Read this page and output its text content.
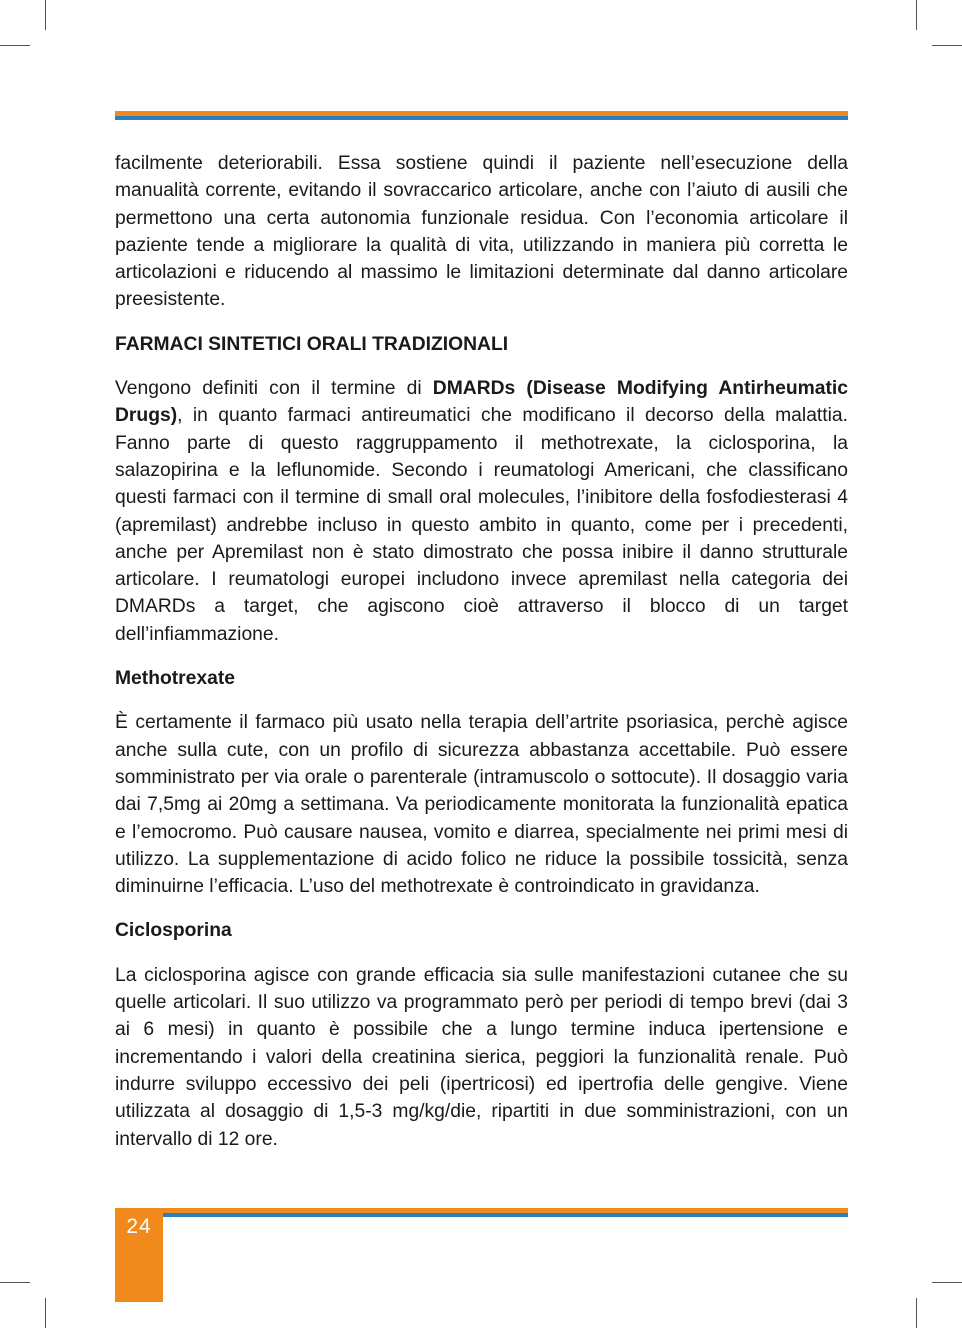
facilmente deteriorabili. Essa sostiene quindi il paziente nell’esecuzione della manualità corrente, evitando il sovraccarico articolare, anche con l’aiuto di ausili che permettono una certa autonomia funzionale residua. Con l’economia articolare il paziente tende a migliorare la qualità di vita, utilizzando in maniera più corretta le articolazioni e riducendo al massimo le limitazioni determinate dal danno articolare preesistente.

FARMACI SINTETICI ORALI TRADIZIONALI

Vengono definiti con il termine di DMARDs (Disease Modifying Antirheumatic Drugs), in quanto farmaci antireumatici che modificano il decorso della malattia. Fanno parte di questo raggruppamento il methotrexate, la ciclosporina, la salazopirina e la leflunomide. Secondo i reumatologi Americani, che classificano questi farmaci con il termine di small oral molecules, l’inibitore della fosfodiesterasi 4 (apremilast) andrebbe incluso in questo ambito in quanto, come per i precedenti, anche per Apremilast non è stato dimostrato che possa inibire il danno strutturale articolare. I reumatologi europei includono invece apremilast nella categoria dei DMARDs a target, che agiscono cioè attraverso il blocco di un target dell’infiammazione.

Methotrexate

È certamente il farmaco più usato nella terapia dell’artrite psoriasica, perchè agisce anche sulla cute, con un profilo di sicurezza abbastanza accettabile. Può essere somministrato per via orale o parenterale (intramuscolo o sottocute). Il dosaggio varia dai 7,5mg ai 20mg a settimana. Va periodicamente monitorata la funzionalità epatica e l’emocromo. Può causare nausea, vomito e diarrea, specialmente nei primi mesi di utilizzo. La supplementazione di acido folico ne riduce la possibile tossicità, senza diminuirne l’efficacia. L’uso del methotrexate è controindicato in gravidanza.

Ciclosporina

La ciclosporina agisce con grande efficacia sia sulle manifestazioni cutanee che su quelle articolari. Il suo utilizzo va programmato però per periodi di tempo brevi (dai 3 ai 6 mesi) in quanto è possibile che a lungo termine induca ipertensione e incrementando i valori della creatinina sierica, peggiori la funzionalità renale. Può indurre sviluppo eccessivo dei peli (ipertricosi) ed ipertrofia delle gengive. Viene utilizzata al dosaggio di 1,5-3 mg/kg/die, ripartiti in due somministrazioni, con un intervallo di 12 ore.

24
